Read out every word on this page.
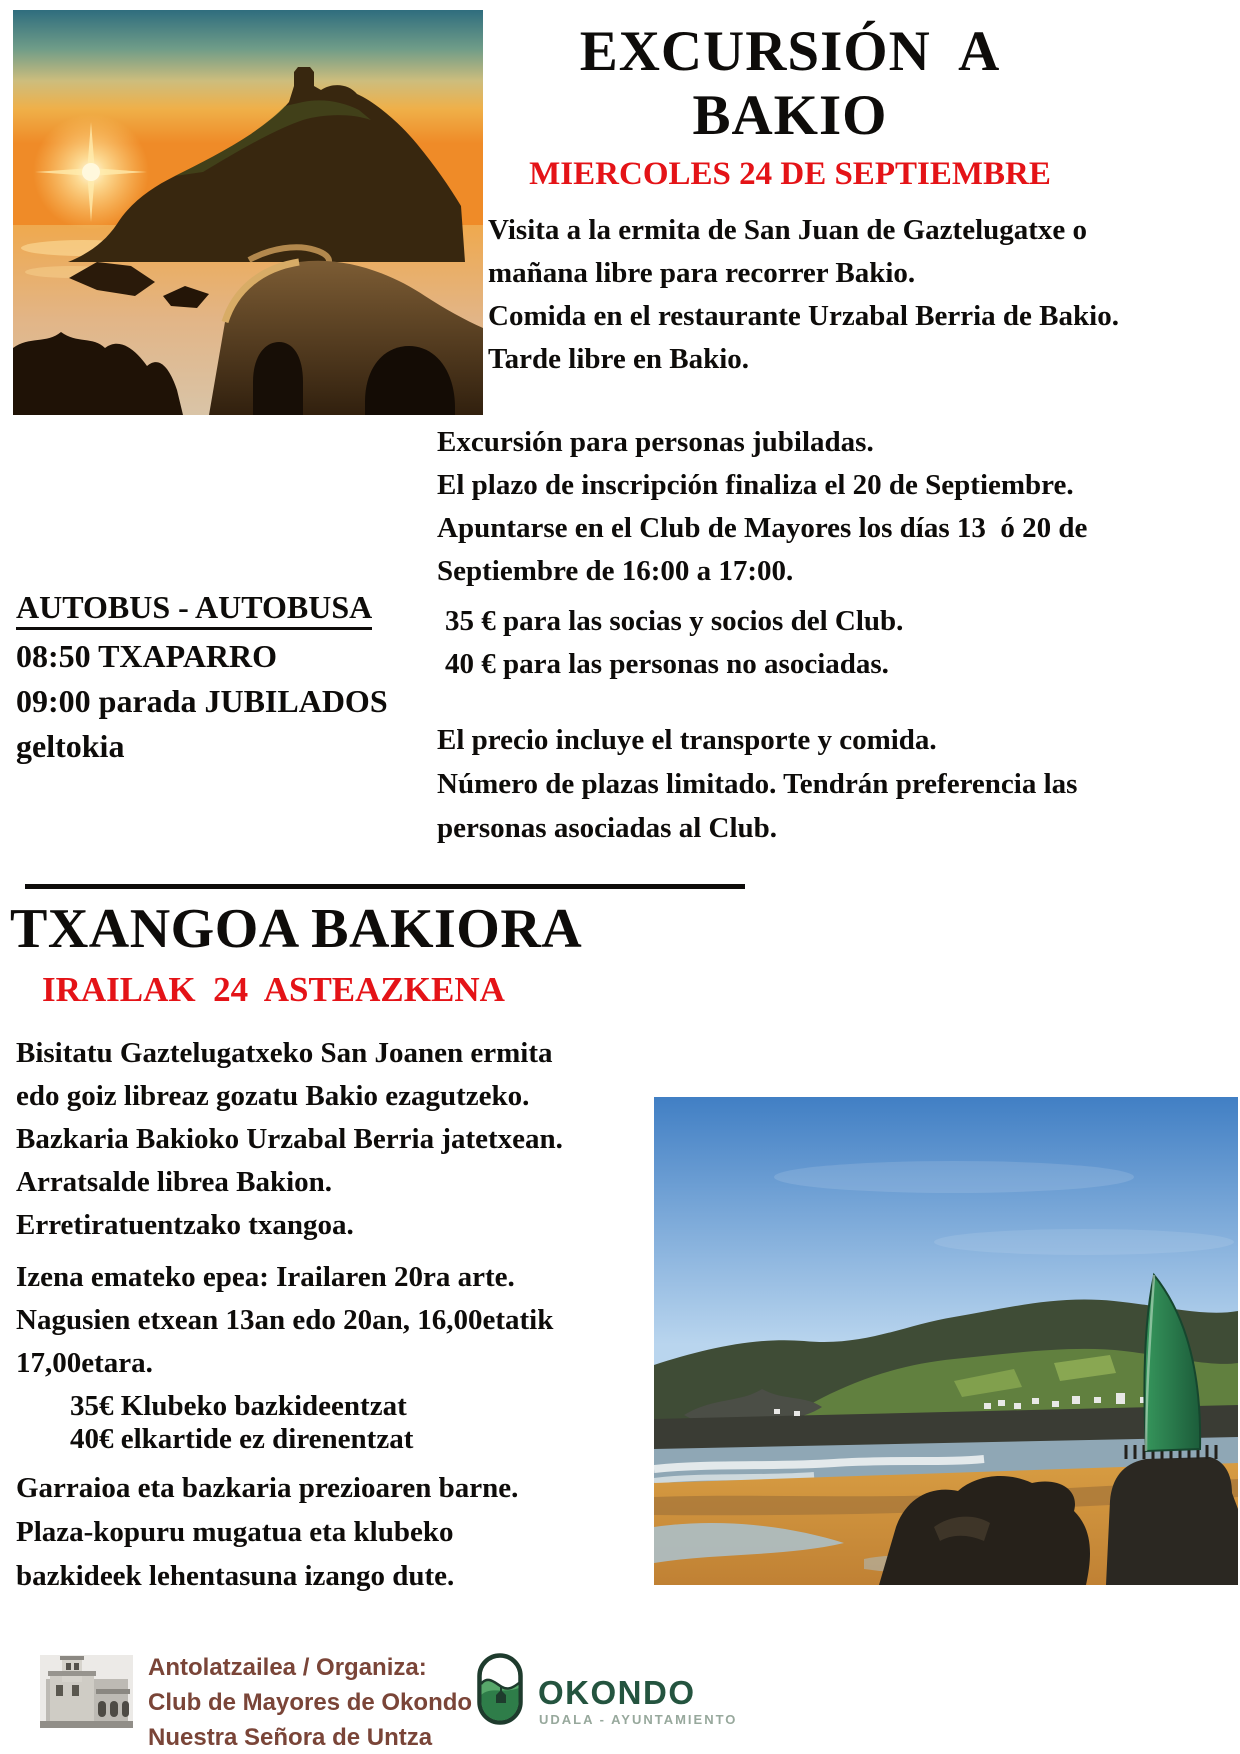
EXCURSIÓN  A
BAKIO
MIERCOLES 24 DE SEPTIEMBRE
Visita a la ermita de San Juan de Gaztelugatxe o
mañana libre para recorrer Bakio.
Comida en el restaurante Urzabal Berria de Bakio.
Tarde libre en Bakio.
Excursión para personas jubiladas.
El plazo de inscripción finaliza el 20 de Septiembre.
Apuntarse en el Club de Mayores los días 13  ó 20 de
Septiembre de 16:00 a 17:00.
AUTOBUS - AUTOBUSA
08:50 TXAPARRO
09:00 parada JUBILADOS
geltokia
35 € para las socias y socios del Club.
40 € para las personas no asociadas.
El precio incluye el transporte y comida.
Número de plazas limitado. Tendrán preferencia las
personas asociadas al Club.
TXANGOA BAKIORA
IRAILAK  24  ASTEAZKENA
Bisitatu Gaztelugatxeko San Joanen ermita
edo goiz libreaz gozatu Bakio ezagutzeko.
Bazkaria Bakioko Urzabal Berria jatetxean.
Arratsalde librea Bakion.
Erretiratuentzako txangoa.
Izena emateko epea: Irailaren 20ra arte.
Nagusien etxean 13an edo 20an, 16,00etatik
17,00etara.
35€ Klubeko bazkideentzat
40€ elkartide ez direnentzat
Garraioa eta bazkaria prezioaren barne.
Plaza-kopuru mugatua eta klubeko
bazkideek lehentasuna izango dute.
Antolatzailea / Organiza:
Club de Mayores de Okondo
Nuestra Señora de Untza
OKONDO
UDALA - AYUNTAMIENTO
